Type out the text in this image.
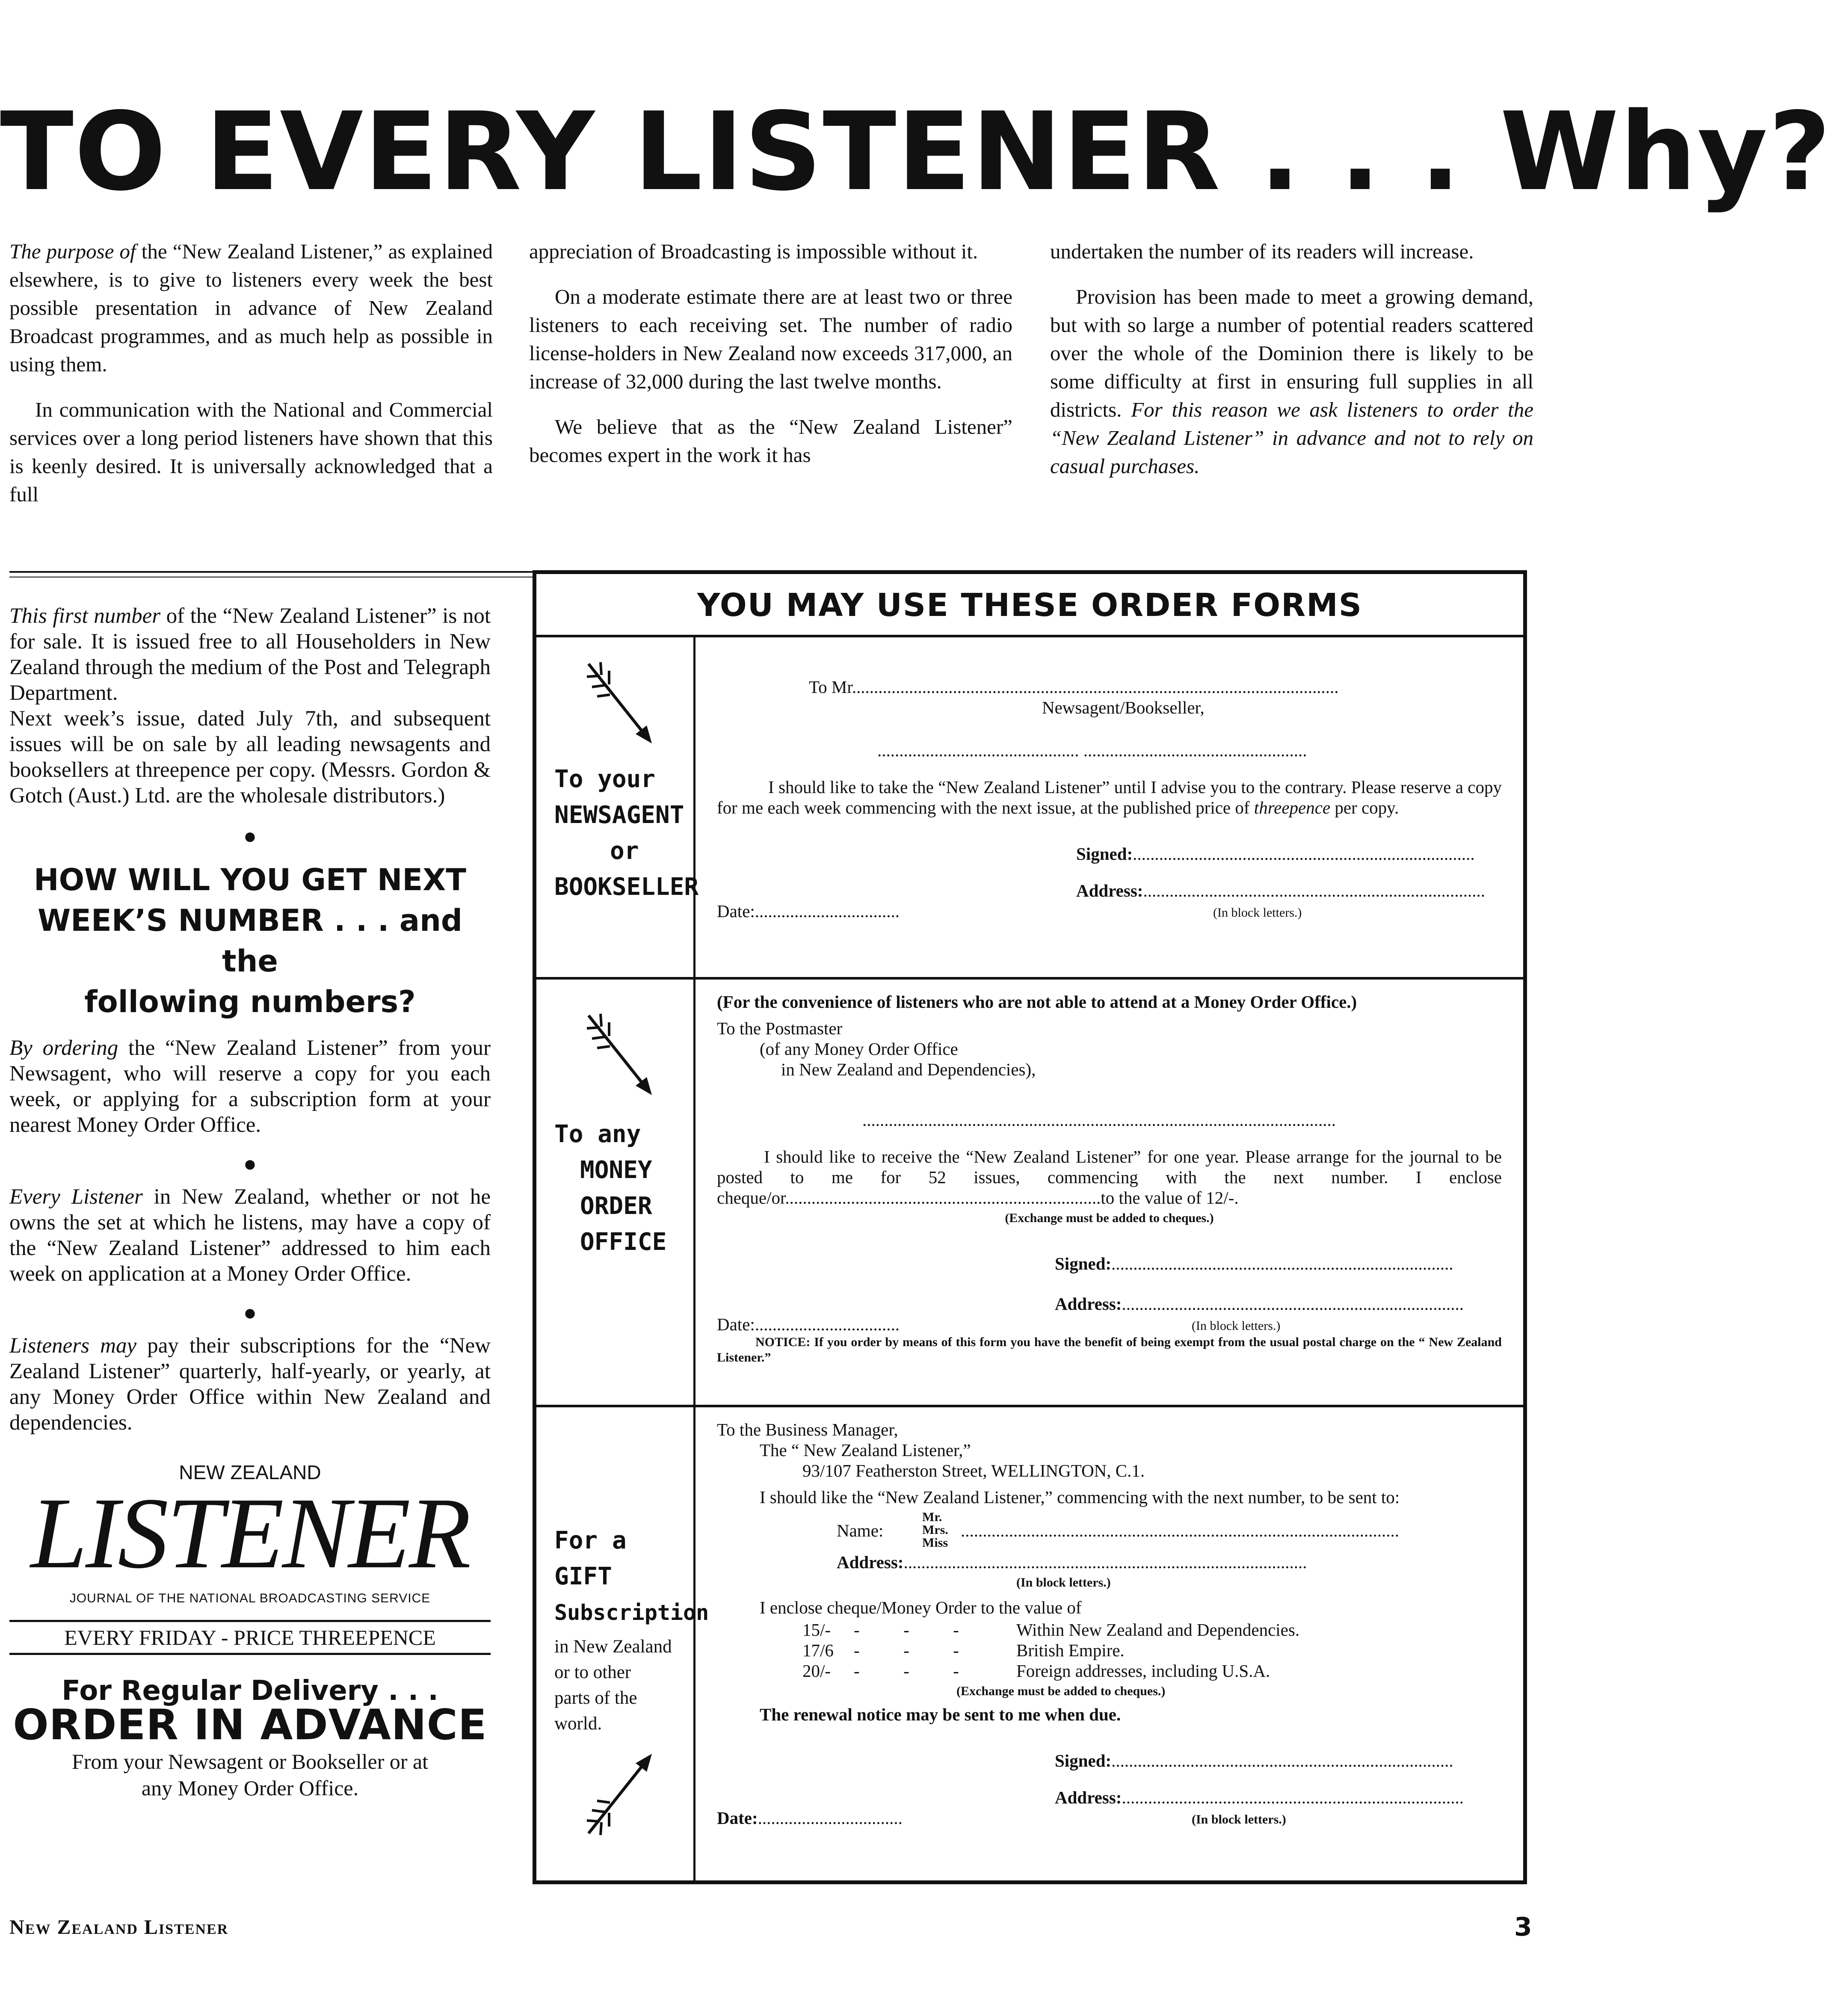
TO EVERY LISTENER . . . Why?

The purpose of the “New Zealand Listener,” as explained elsewhere, is to give to listeners every week the best possible presentation in advance of New Zealand Broadcast programmes, and as much help as possible in using them.

In communication with the National and Commercial services over a long period listeners have shown that this is keenly desired. It is universally acknowledged that a full

appreciation of Broadcasting is impossible without it.

On a moderate estimate there are at least two or three listeners to each receiving set. The number of radio license-holders in New Zealand now exceeds 317,000, an increase of 32,000 during the last twelve months.

We believe that as the “New Zealand Listener” becomes expert in the work it has

undertaken the number of its readers will increase.

Provision has been made to meet a growing demand, but with so large a number of potential readers scattered over the whole of the Dominion there is likely to be some difficulty at first in ensuring full supplies in all districts. For this reason we ask listeners to order the “New Zealand Listener” in advance and not to rely on casual purchases.

This first number of the “New Zealand Listener” is not for sale. It is issued free to all Householders in New Zealand through the medium of the Post and Telegraph Department.

Next week’s issue, dated July 7th, and subsequent issues will be on sale by all leading newsagents and booksellers at threepence per copy. (Messrs. Gordon & Gotch (Aust.) Ltd. are the wholesale distributors.)

●
HOW WILL YOU GET NEXT
WEEK’S NUMBER . . . and the
following numbers?

By ordering the “New Zealand Listener” from your Newsagent, who will reserve a copy for you each week, or applying for a subscription form at your nearest Money Order Office.

●

Every Listener in New Zealand, whether or not he owns the set at which he listens, may have a copy of the “New Zealand Listener” addressed to him each week on application at a Money Order Office.

●

Listeners may pay their subscriptions for the “New Zealand Listener” quarterly, half-yearly, or yearly, at any Money Order Office within New Zealand and dependencies.

NEW ZEALAND
LISTENER
JOURNAL OF THE NATIONAL BROADCASTING SERVICE
EVERY FRIDAY - PRICE THREEPENCE
For Regular Delivery . . .
ORDER IN ADVANCE
From your Newsagent or Bookseller or at
any Money Order Office.
YOU MAY USE THESE ORDER FORMS
To your
NEWSAGENT
or
BOOKSELLER
To Mr...............................................................................................................
Newsagent/Bookseller,
.............................................. ...................................................
I should like to take the “New Zealand Listener” until I advise you to the contrary. Please reserve a copy for me each week commencing with the next issue, at the published price of threepence per copy.
Signed:..............................................................................
Address:..............................................................................
Date:.................................	(In block letters.)
To any
MONEY
ORDER
OFFICE
(For the convenience of listeners who are not able to attend at a Money Order Office.)
To the Postmaster
(of any Money Order Office
in New Zealand and Dependencies),
............................................................................................................
I should like to receive the “New Zealand Listener” for one year. Please arrange for the journal to be posted to me for 52 issues, commencing with the next number. I enclose cheque/or........................................................................to the value of 12/-.
(Exchange must be added to cheques.)
Signed:..............................................................................
Address:..............................................................................
Date:.................................	(In block letters.)
NOTICE: If you order by means of this form you have the benefit of being exempt from the usual postal charge on the “ New Zealand Listener.”
For a
GIFT
Subscription
in New Zealand
or to other
parts of the
world.
To the Business Manager,
The “ New Zealand Listener,”
93/107 Featherston Street, WELLINGTON, C.1.
I should like the “New Zealand Listener,” commencing with the next number, to be sent to:
Mr.
Mrs.
Miss
Name:	....................................................................................................
Address:............................................................................................
(In block letters.)
I enclose cheque/Money Order to the value of
15/- -          -          -	Within New Zealand and Dependencies.
17/6 -          -          -	British Empire.
20/- -          -          -	Foreign addresses, including U.S.A.
(Exchange must be added to cheques.)
The renewal notice may be sent to me when due.
Signed:..............................................................................
Address:..............................................................................
Date:.................................	(In block letters.)
New Zealand Listener	3
